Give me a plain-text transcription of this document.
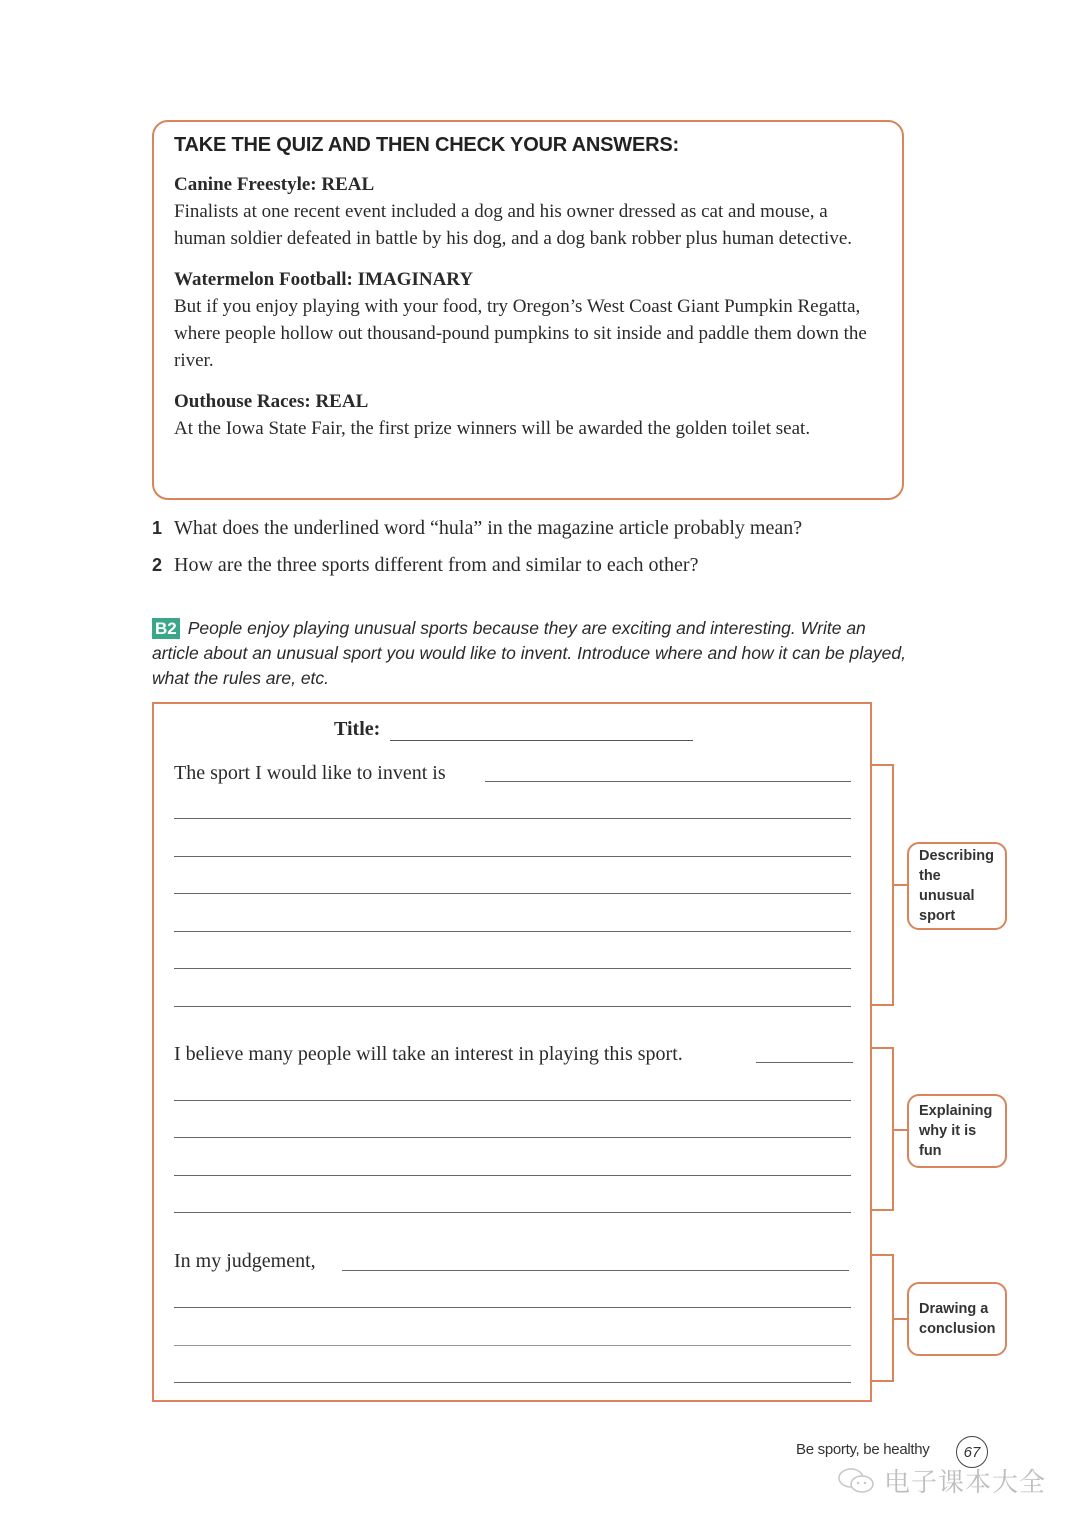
TAKE THE QUIZ AND THEN CHECK YOUR ANSWERS:
Canine Freestyle: REAL
Finalists at one recent event included a dog and his owner dressed as cat and mouse, a human soldier defeated in battle by his dog, and a dog bank robber plus human detective.
Watermelon Football: IMAGINARY
But if you enjoy playing with your food, try Oregon’s West Coast Giant Pumpkin Regatta, where people hollow out thousand-pound pumpkins to sit inside and paddle them down the river.
Outhouse Races: REAL
At the Iowa State Fair, the first prize winners will be awarded the golden toilet seat.
1 What does the underlined word “hula” in the magazine article probably mean?
2 How are the three sports different from and similar to each other?
B2 People enjoy playing unusual sports because they are exciting and interesting. Write an article about an unusual sport you would like to invent. Introduce where and how it can be played, what the rules are, etc.
Title:
The sport I would like to invent is
I believe many people will take an interest in playing this sport.
In my judgement,
Describing the unusual sport
Explaining why it is fun
Drawing a conclusion
Be sporty, be healthy 67
电子课本大全
